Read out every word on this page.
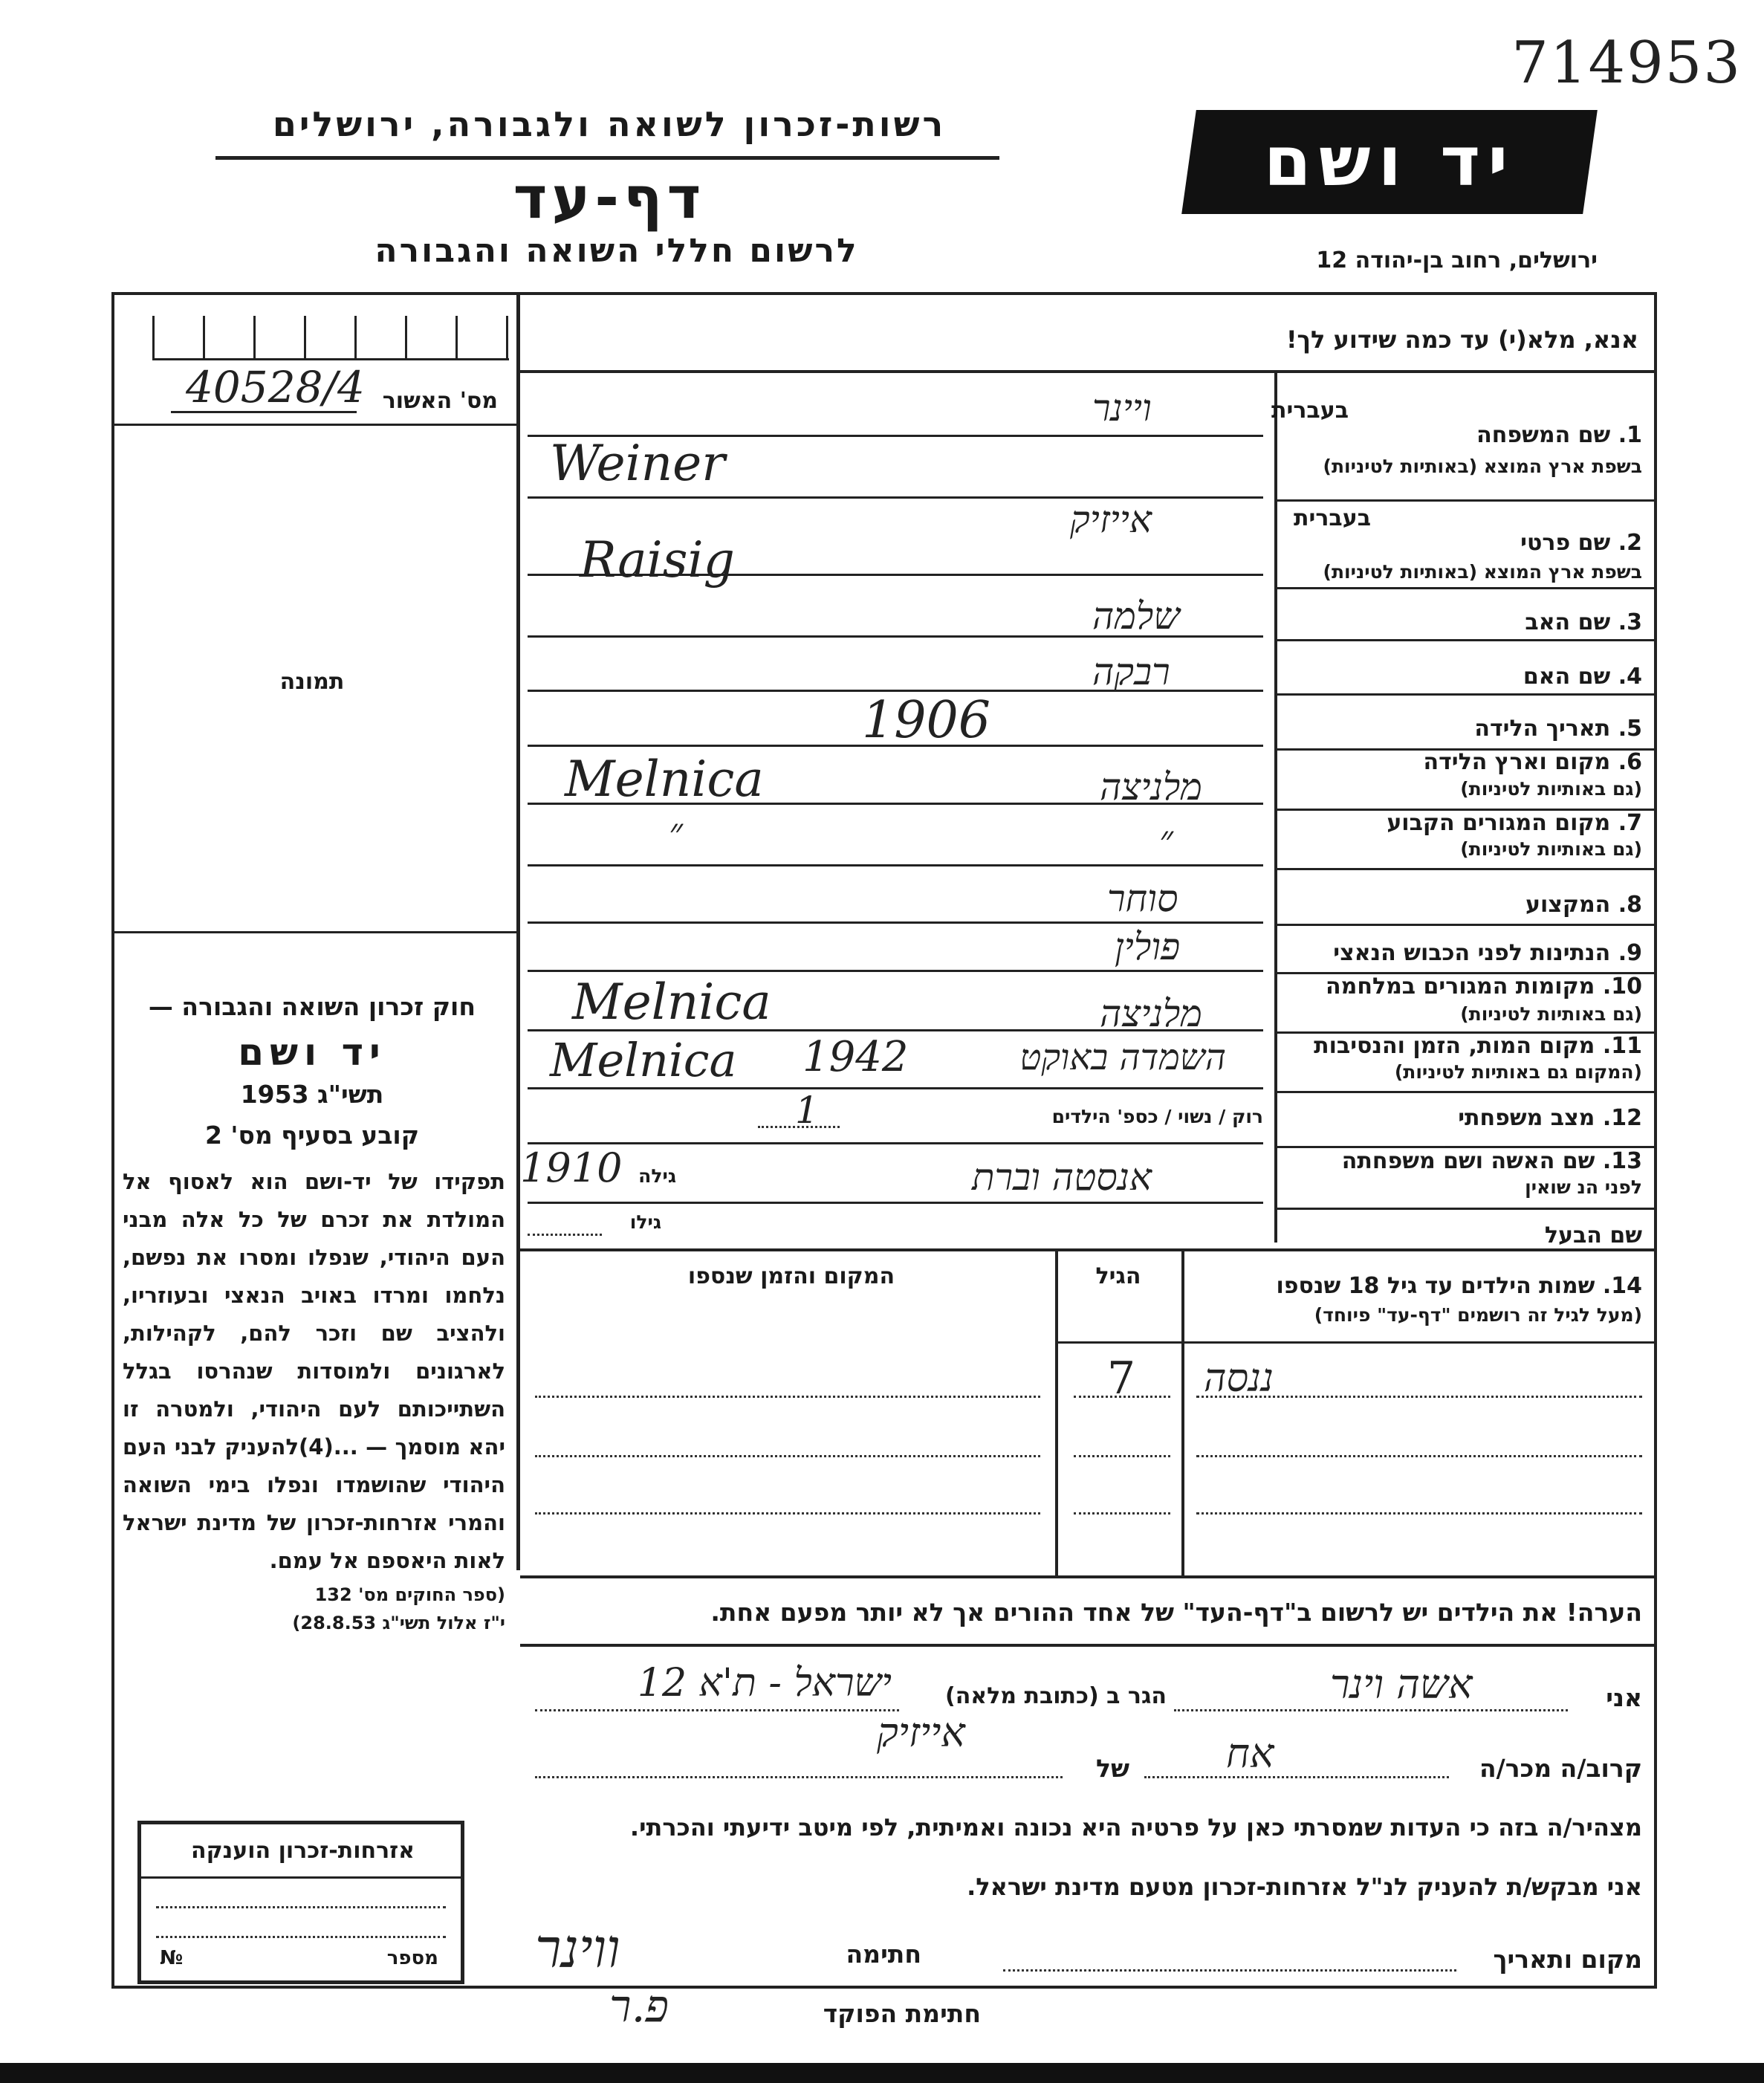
714953
רשות-זכרון לשואה ולגבורה, ירושלים
דף-עד
לרשום חללי השואה והגבורה
יד ושם
ירושלים, רחוב בן-יהודה 12
40528/4 מס' האשור
תמונה
חוק זכרון השואה והגבורה —
יד ושם
תשי"ג 1953
קובע בסעיף מס' 2
תפקידו של יד-ושם הוא לאסוף אל המולדת את זכרם של כל אלה מבני העם היהודי, שנפלו ומסרו את נפשם, נלחמו ומרדו באויב הנאצי ובעוזריו, ולהציב שם וזכר להם, לקהילות, לארגונים ולמוסדות שנהרסו בגלל השתייכותם לעם היהודי, ולמטרה זו יהא מוסמך — ...(4)להעניק לבני העם היהודי שהושמדו ונפלו בימי השואה והמרי אזרחות-זכרון של מדינת ישראל לאות היאספם אל עמם.
(ספר החוקים מס' 132
י"ז אלול תשי"ג 28.8.53)
אנא, מלא(י) עד כמה שידוע לך!
בעברית
1. שם המשפחה
בשפת ארץ המוצא (באותיות לטיניות)
ויינר
Weiner
בעברית
2. שם פרטי
בשפת ארץ המוצא (באותיות לטיניות)
אייזיק
Raisig
3. שם האב
שלמה
4. שם האם
רבקה
5. תאריך הלידה
1906
6. מקום וארץ הלידה
(גם באותיות לטיניות)
מלניצה
Melnica
7. מקום המגורים הקבוע
(גם באותיות לטיניות)
״
״
8. המקצוע
סוחר
9. הנתינות לפני הכבוש הנאצי
פולין
10. מקומות המגורים במלחמה
(גם באותיות לטיניות)
מלניצה
Melnica
11. מקום המות, הזמן והנסיבות
(המקום גם באותיות לטיניות)
השמדה באוקט
1942
Melnica
12. מצב משפחתי
רוק / נשוי / כספ' הילדים
1
13. שם האשה ושם משפחתה
לפני הנ שואין
אנסטה וברת
גילה
1910
שם הבעל
גילו
14. שמות הילדים עד גיל 18 שנספו
(מעל לגיל זה רושמים "דף-עד" פיוחד)
הגיל
המקום והזמן שנספו
ננסה
7
הערה! את הילדים יש לרשום ב"דף-העד" של אחד ההורים אך לא יותר מפעם אחת.
אני
אשה וינר
הגר ב (כתובת מלאה)
ישראל - ת'א 12
קרוב/ה מכר/ה
אח
של
אייזיק
מצהיר/ה בזה כי העדות שמסרתי כאן על פרטיה היא נכונה ואמיתית, לפי מיטב ידיעתי והכרתי.
אני מבקש/ת להעניק לנ"ל אזרחות-זכרון מטעם מדינת ישראל.
מקום ותאריך
חתימה
ווינר
חתימת הפוקד
פ.ר
אזרחות-זכרון הוענקה
מספר
№
